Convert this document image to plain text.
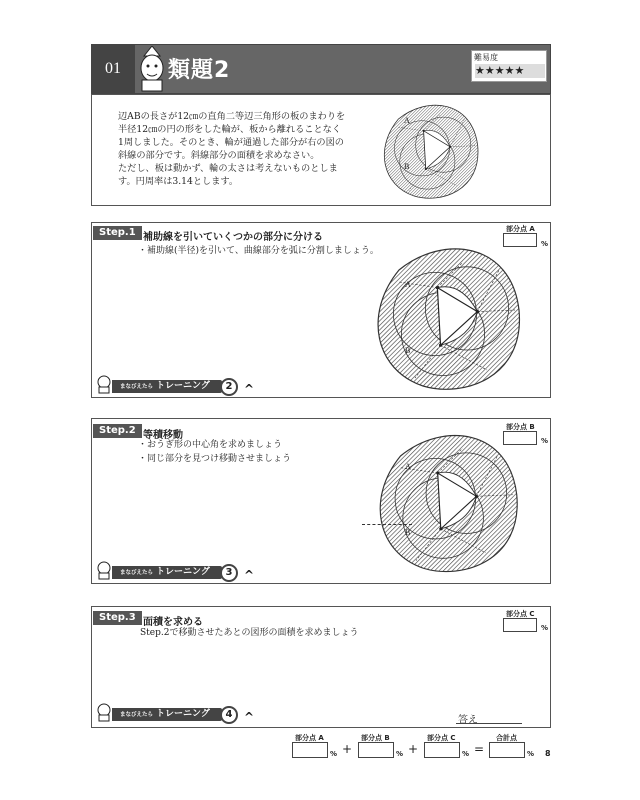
01	類題2
難易度
★★★★★
辺ABの長さが12㎝の直角二等辺三角形の板のまわりを
半径12㎝の円の形をした輪が、板から離れることなく
1周しました。そのとき、輪が通過した部分が右の図の
斜線の部分です。斜線部分の面積を求めなさい。
ただし、板は動かず、輪の太さは考えないものとしま
す。円周率は3.14とします。
A
B
Step.1 補助線を引いていくつかの部分に分ける
・補助線(半径)を引いて、曲線部分を弧に分割しましょう。
部分点 A
%
A
B
まなびえたら トレーニング	2 ^
Step.2 等積移動
・おうぎ形の中心角を求めましょう
・同じ部分を見つけ移動させましょう
部分点 B
%
A
B
まなびえたら トレーニング	3 ^
Step.3 面積を求める
Step.2で移動させたあとの図形の面積を求めましょう
部分点 C
%
まなびえたら トレーニング	4 ^	答え
部分点 A
% +
部分点 B
% +
部分点 C
% =
合計点
% 8
